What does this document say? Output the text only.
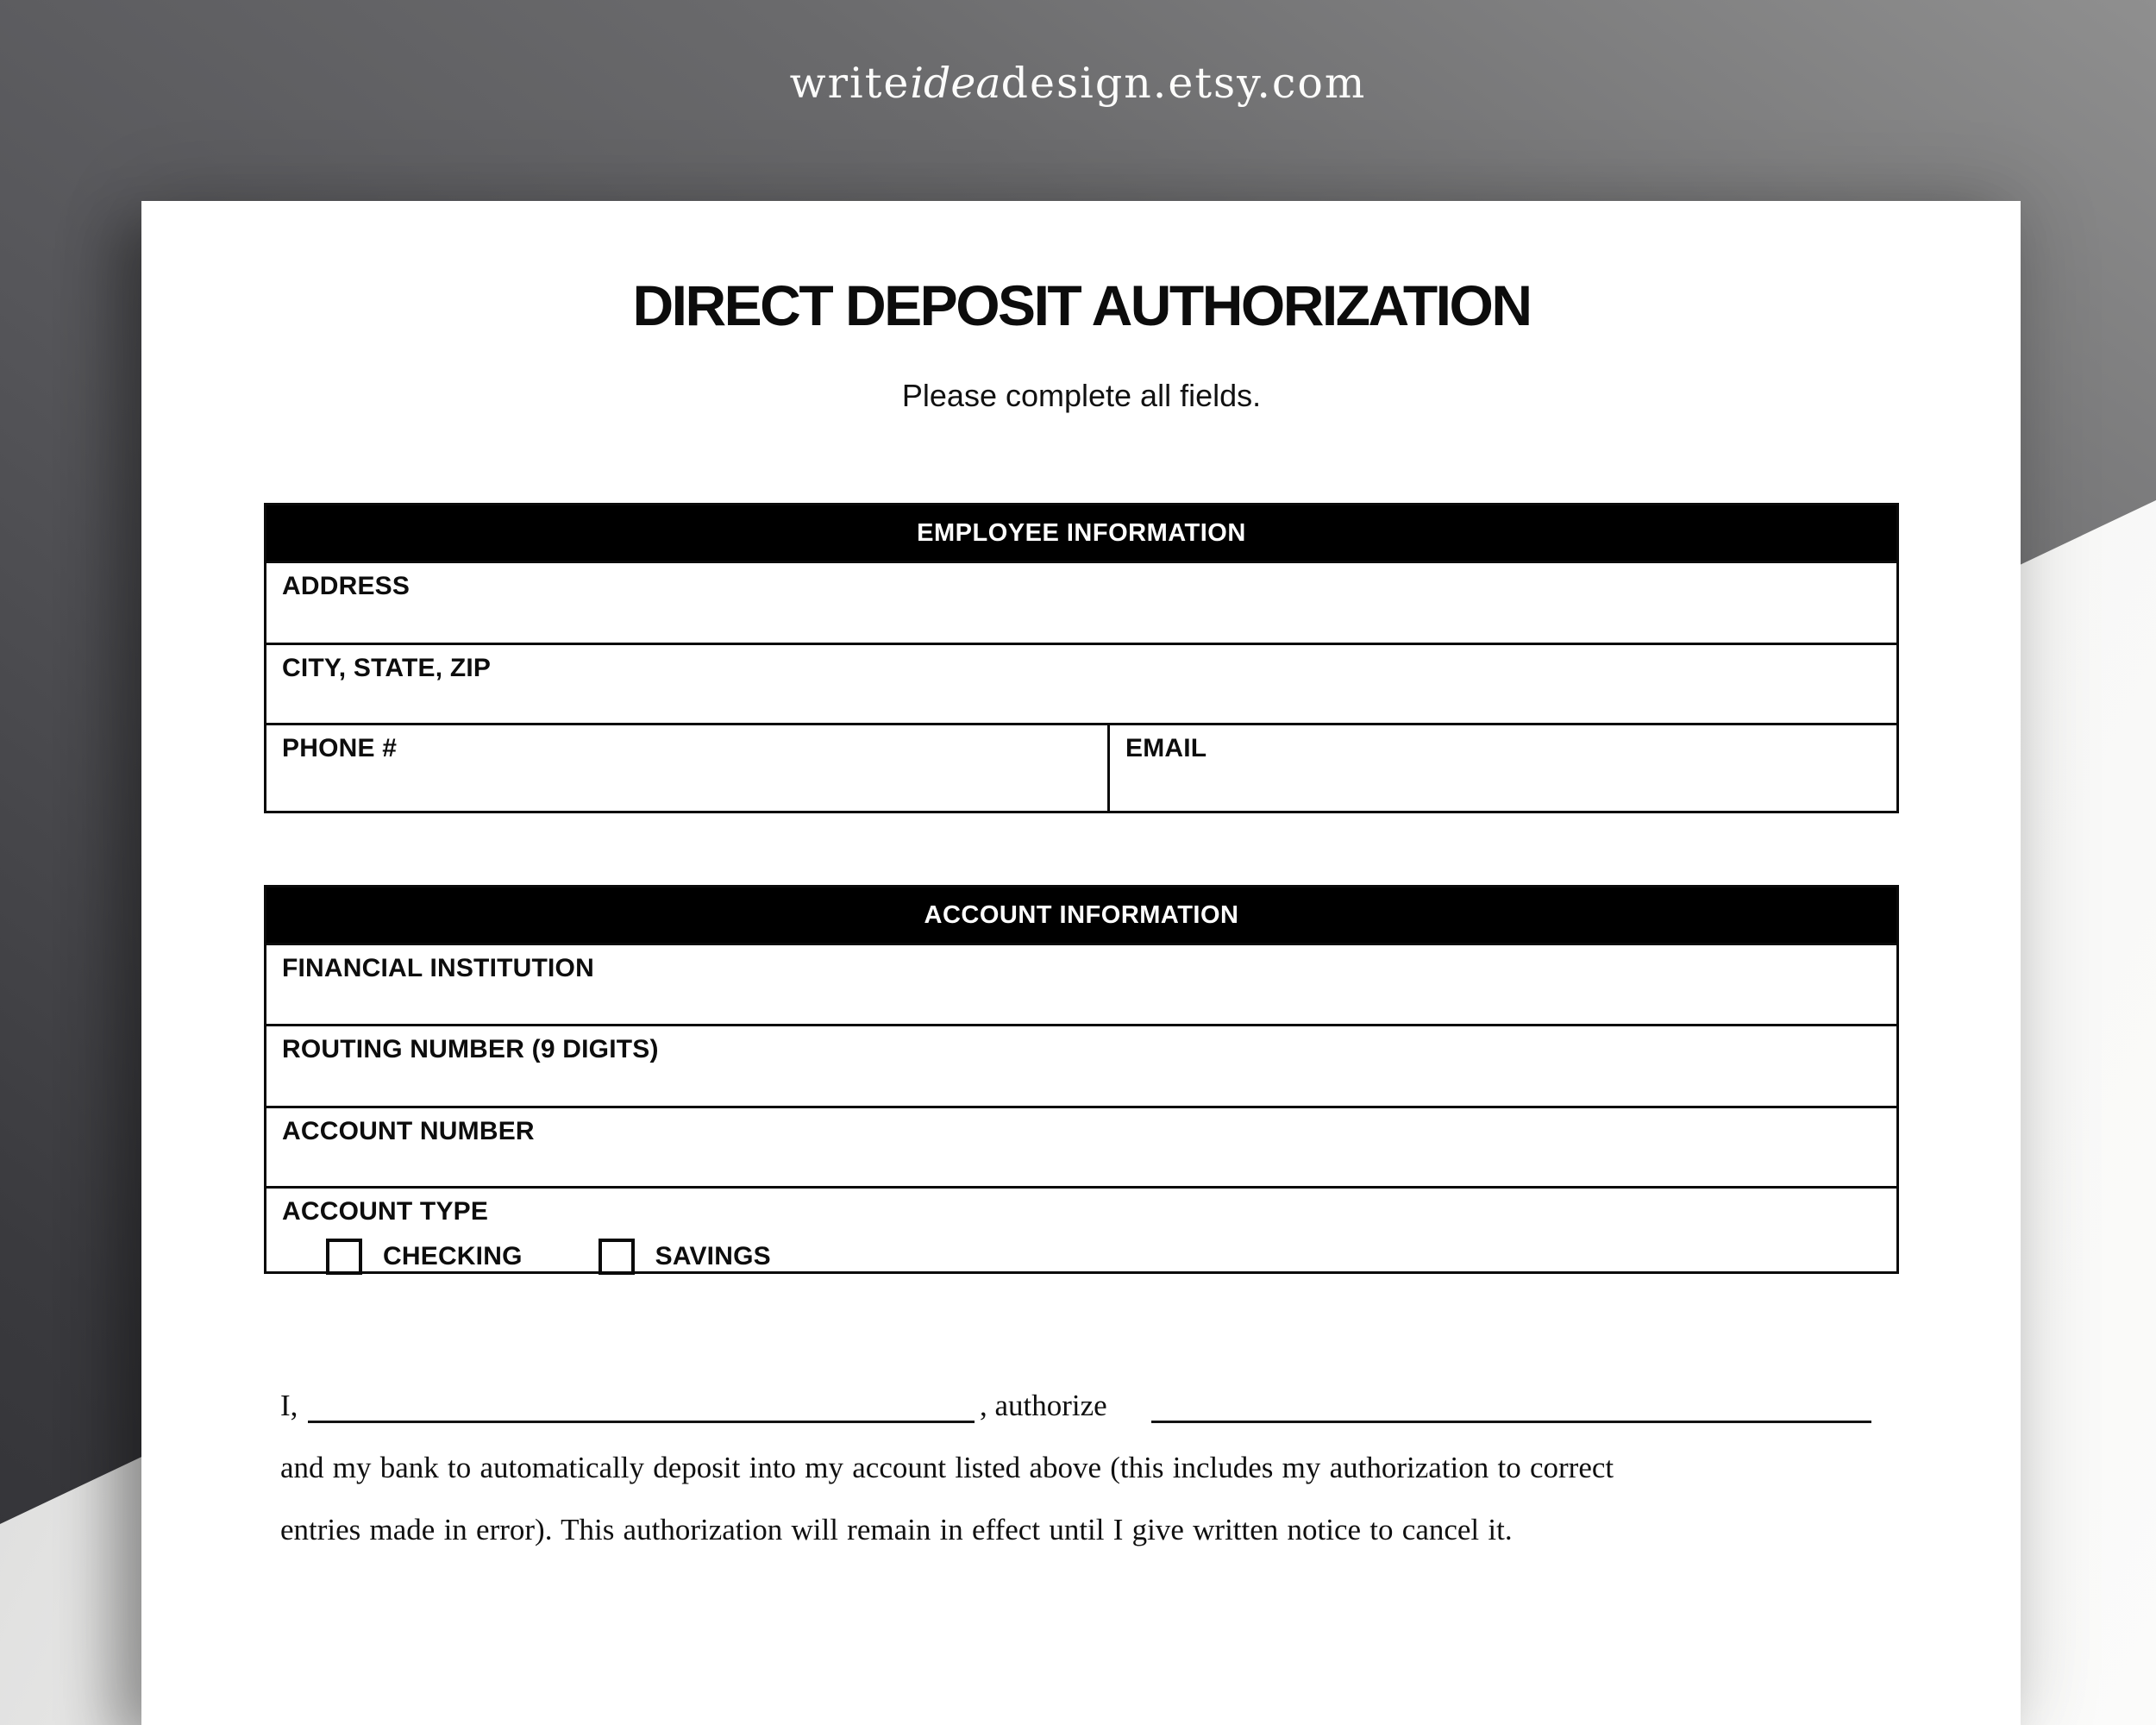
writeideadesign.etsy.com
DIRECT DEPOSIT AUTHORIZATION
Please complete all fields.
EMPLOYEE INFORMATION
ADDRESS
CITY, STATE, ZIP
PHONE #	EMAIL
ACCOUNT INFORMATION
FINANCIAL INSTITUTION
ROUTING NUMBER (9 DIGITS)
ACCOUNT NUMBER
ACCOUNT TYPE
CHECKING	SAVINGS
I,	, authorize
and my bank to automatically deposit into my account listed above (this includes my authorization to correct
entries made in error). This authorization will remain in effect until I give written notice to cancel it.
